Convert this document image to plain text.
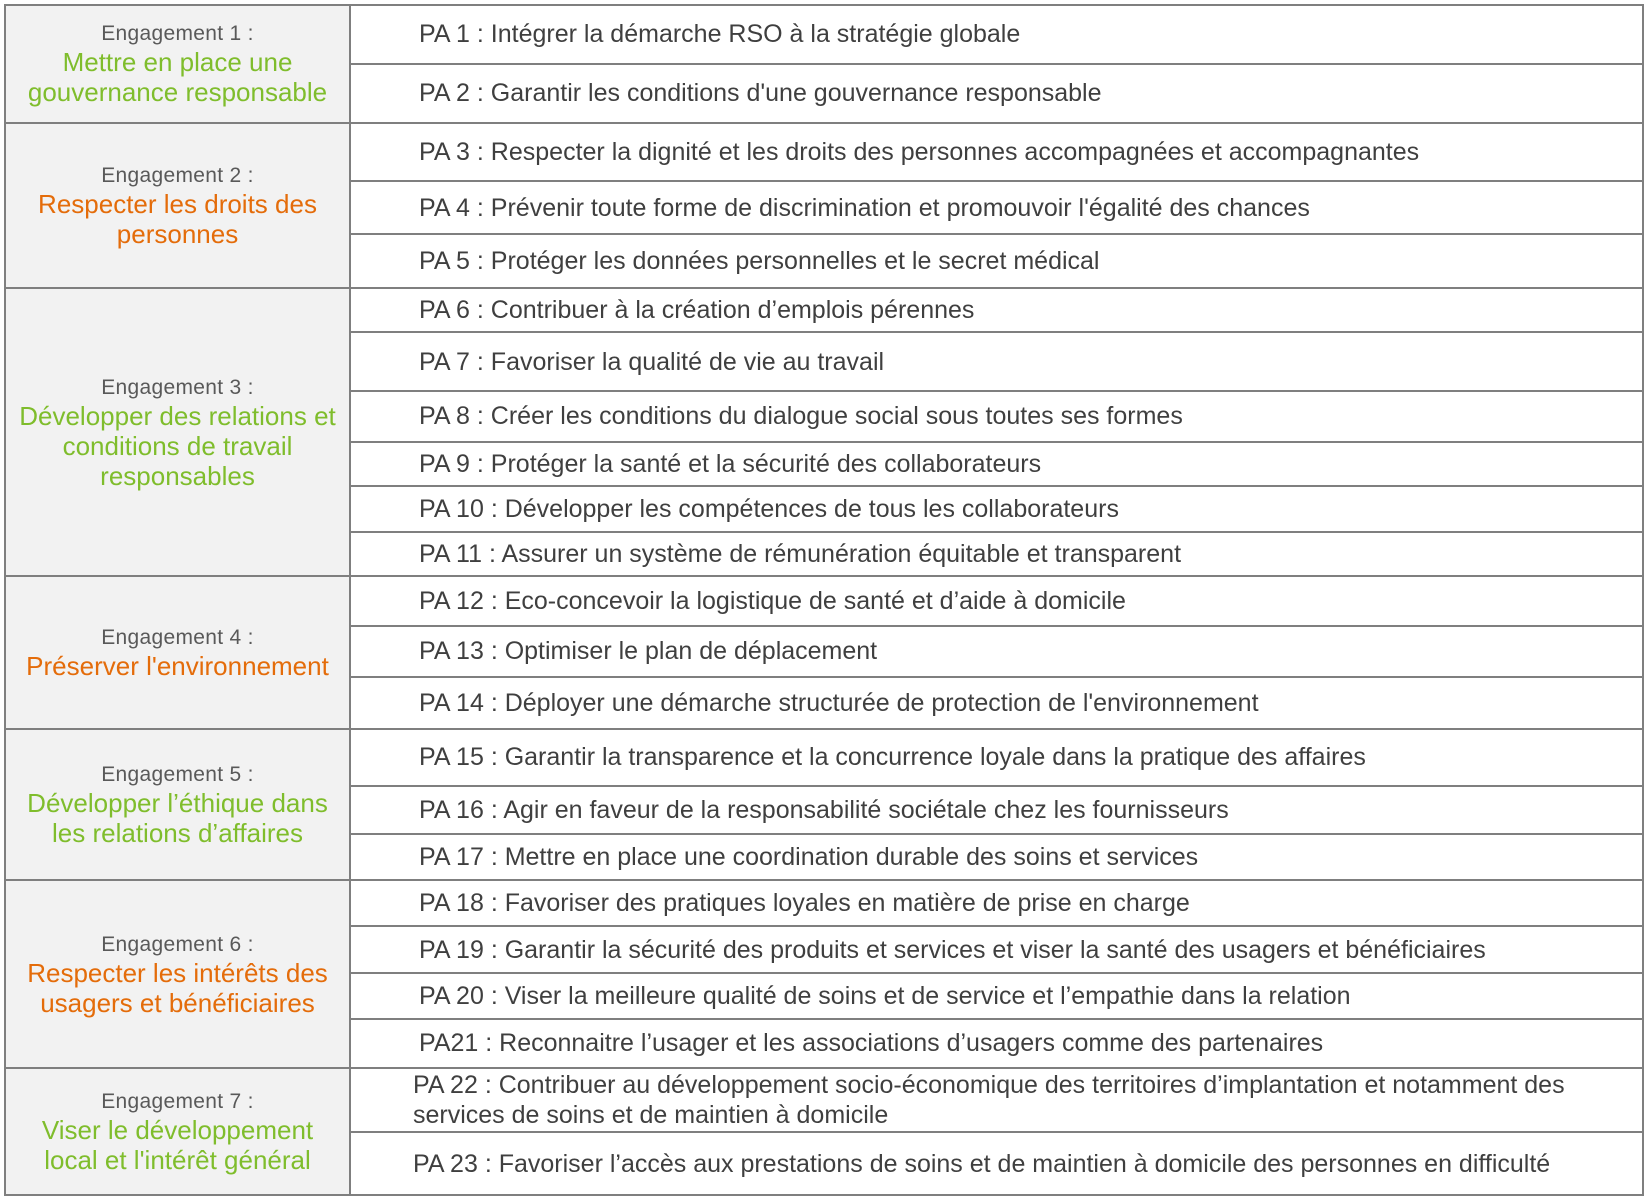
Engagement 1 :
Mettre en place une gouvernance responsable
Engagement 2 :
Respecter les droits des personnes
Engagement 3 :
Développer des relations et conditions de travail responsables
Engagement 4 :
Préserver l'environnement
Engagement 5 :
Développer l’éthique dans les relations d’affaires
Engagement 6 :
Respecter les intérêts des usagers et bénéficiaires
Engagement 7 :
Viser le développement local et l'intérêt général
PA 1 : Intégrer la démarche RSO à la stratégie globale
PA 2 : Garantir les conditions d'une gouvernance responsable
PA 3 : Respecter la dignité et les droits des personnes accompagnées et accompagnantes
PA 4 : Prévenir toute forme de discrimination et promouvoir l'égalité des chances
PA 5 : Protéger les données personnelles et le secret médical
PA 6 : Contribuer à la création d’emplois pérennes
PA 7 : Favoriser la qualité de vie au travail
PA 8 : Créer les conditions du dialogue social sous toutes ses formes
PA 9 : Protéger la santé et la sécurité des collaborateurs
PA 10 : Développer les compétences de tous les collaborateurs
PA 11 : Assurer un système de rémunération équitable et transparent
PA 12 : Eco-concevoir la logistique de santé et d’aide à domicile
PA 13 : Optimiser le plan de déplacement
PA 14 : Déployer une démarche structurée de protection de l'environnement
PA 15 : Garantir la transparence et la concurrence loyale dans la pratique des affaires
PA 16 : Agir en faveur de la responsabilité sociétale chez les fournisseurs
PA 17 : Mettre en place une coordination durable des soins et services
PA 18 : Favoriser des pratiques loyales en matière de prise en charge
PA 19 : Garantir la sécurité des produits et services et viser la santé des usagers et bénéficiaires
PA 20 : Viser la meilleure qualité de soins et de service et l’empathie dans la relation
PA21 : Reconnaitre l’usager et les associations d’usagers comme des partenaires
PA 22 : Contribuer au développement socio-économique des territoires d’implantation et notamment des services de soins et de maintien à domicile
PA 23 : Favoriser l’accès aux prestations de soins et de maintien à domicile des personnes en difficulté
